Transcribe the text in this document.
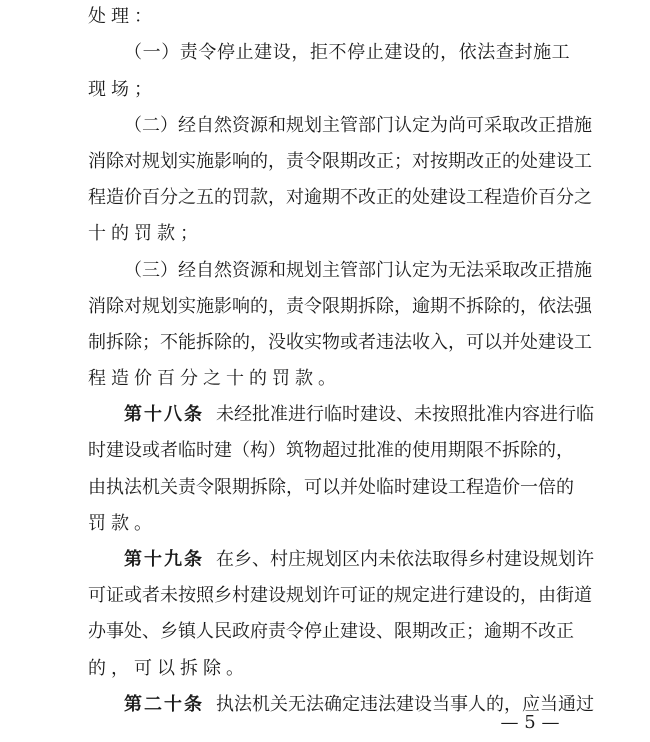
处理：
（ 一 ） 责 令 停 止 建 设 ， 拒 不 停 止 建 设 的 ， 依 法 查 封 施 工
现场；
（ 二 ） 经 自 然 资 源 和 规 划 主 管 部 门 认 定 为 尚 可 采 取 改 正 措 施
消 除 对 规 划 实 施 影 响 的 ， 责 令 限 期 改 正 ； 对 按 期 改 正 的 处 建 设 工
程 造 价 百 分 之 五 的 罚 款 ， 对 逾 期 不 改 正 的 处 建 设 工 程 造 价 百 分 之
十的罚款；
（ 三 ） 经 自 然 资 源 和 规 划 主 管 部 门 认 定 为 无 法 采 取 改 正 措 施
消 除 对 规 划 实 施 影 响 的 ， 责 令 限 期 拆 除 ， 逾 期 不 拆 除 的 ， 依 法 强
制 拆 除 ； 不 能 拆 除 的 ， 没 收 实 物 或 者 违 法 收 入 ， 可 以 并 处 建 设 工
程造价百分之十的罚款。
第 十 八 条 未 经 批 准 进 行 临 时 建 设 、 未 按 照 批 准 内 容 进 行 临
时 建 设 或 者 临 时 建 （ 构 ） 筑 物 超 过 批 准 的 使 用 期 限 不 拆 除 的 ，
由 执 法 机 关 责 令 限 期 拆 除 ， 可 以 并 处 临 时 建 设 工 程 造 价 一 倍 的
罚款。
第 十 九 条 在 乡 、 村 庄 规 划 区 内 未 依 法 取 得 乡 村 建 设 规 划 许
可 证 或 者 未 按 照 乡 村 建 设 规 划 许 可 证 的 规 定 进 行 建 设 的 ， 由 街 道
办 事 处 、 乡 镇 人 民 政 府 责 令 停 止 建 设 、 限 期 改 正 ； 逾 期 不 改 正
的，可以拆除。
第 二 十 条 执 法 机 关 无 法 确 定 违 法 建 设 当 事 人 的 ， 应 当 通 过
— 5 —
